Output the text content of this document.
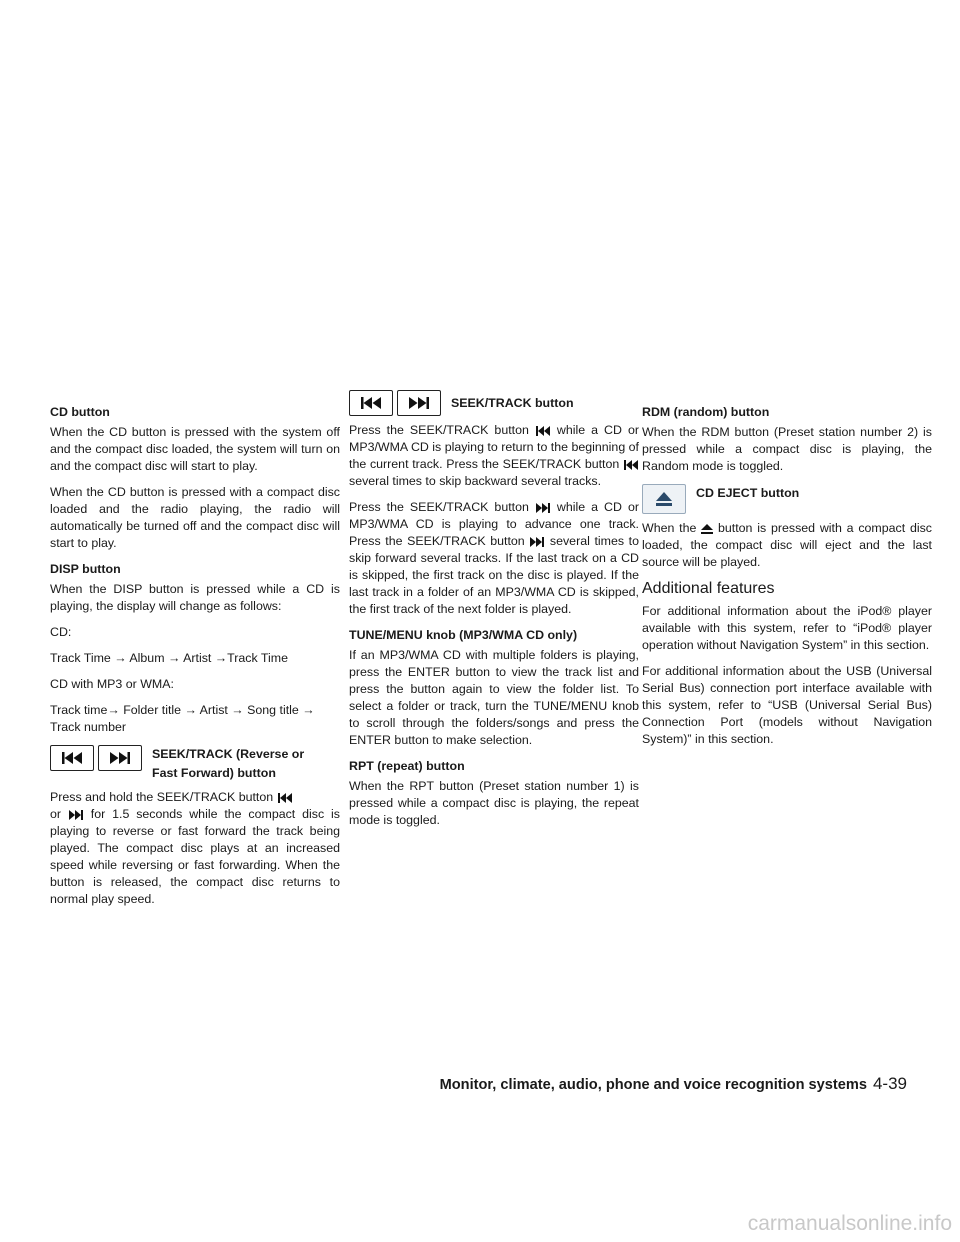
CD button

When the CD button is pressed with the system off and the compact disc loaded, the system will turn on and the compact disc will start to play.

When the CD button is pressed with a compact disc loaded and the radio playing, the radio will automatically be turned off and the compact disc will start to play.

DISP button

When the DISP button is pressed while a CD is playing, the display will change as follows:

CD:

Track Time → Album → Artist →Track Time

CD with MP3 or WMA:

Track time→ Folder title → Artist → Song title → Track number

SEEK/TRACK (Reverse or
Fast Forward) button

Press and hold the SEEK/TRACK button
or for 1.5 seconds while the compact disc is playing to reverse or fast forward the track being played. The compact disc plays at an increased speed while reversing or fast forwarding. When the button is released, the compact disc returns to normal play speed.

SEEK/TRACK button

Press the SEEK/TRACK button while a CD or MP3/WMA CD is playing to return to the beginning of the current track. Press the SEEK/TRACK button  several times to skip backward several tracks.

Press the SEEK/TRACK button while a CD or MP3/WMA CD is playing to advance one track. Press the SEEK/TRACK button several times to skip forward several tracks. If the last track on a CD is skipped, the first track on the disc is played. If the last track in a folder of an MP3/WMA CD is skipped, the first track of the next folder is played.

TUNE/MENU knob (MP3/WMA CD only)

If an MP3/WMA CD with multiple folders is playing, press the ENTER button to view the track list and press the button again to view the folder list. To select a folder or track, turn the TUNE/MENU knob to scroll through the folders/songs and press the ENTER button to make selection.

RPT (repeat) button

When the RPT button (Preset station number 1) is pressed while a compact disc is playing, the repeat mode is toggled.

RDM (random) button

When the RDM button (Preset station number 2) is pressed while a compact disc is playing, the Random mode is toggled.

CD EJECT button

When the button is pressed with a compact disc loaded, the compact disc will eject and the last source will be played.

Additional features

For additional information about the iPod® player available with this system, refer to “iPod® player operation without Navigation System” in this section.

For additional information about the USB (Universal Serial Bus) connection port interface available with this system, refer to “USB (Universal Serial Bus) Connection Port (models without Navigation System)” in this section.

Monitor, climate, audio, phone and voice recognition systems 4-39
carmanualsonline.info
